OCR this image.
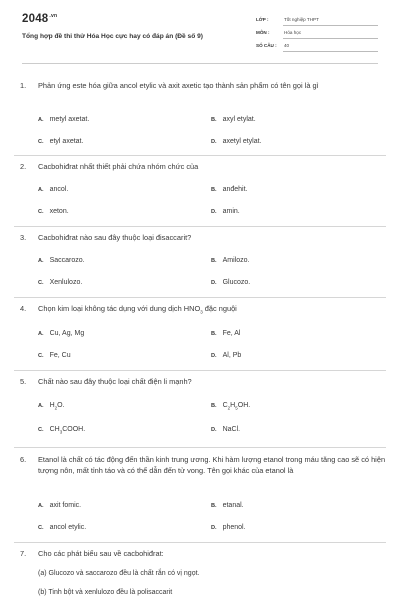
$2048^{.vn}$
Tổng hợp đề thi thử Hóa Học cực hay có đáp án (Đề số 9)
LỚP :	Tốt nghiệp THPT
MÔN :	Hóa học
SỐ CÂU : 40
1.	Phản ứng este hóa giữa ancol etylic và axit axetic tạo thành sản phẩm có tên gọi là gì
A. metyl axetat.	B. axyl etylat.
C. etyl axetat.	D. axetyl etylat.
2.	Cacbohiđrat nhất thiết phải chứa nhóm chức của
A. ancol.	B. anđehit.
C. xeton.	D. amin.
3.	Cacbohiđrat nào sau đây thuộc loại đisaccarit?
A. Saccarozo.	B. Amilozo.
C. Xenlulozo.	D. Glucozo.
4.	Chọn kim loại không tác dụng với dung dịch $HNO_3$ đặc nguội
A. Cu, Ag, Mg	B. Fe, Al
C. Fe, Cu	D. Al, Pb
5.	Chất nào sau đây thuộc loại chất điện li mạnh?
A. $H_2O$.	B. $C_2H_5OH$.
C. $CH_3COOH$.	D. NaCl.
6.	Etanol là chất có tác động đến thần kinh trung ương. Khi hàm lượng etanol trong máu tăng cao sẽ có hiện tượng nôn, mất tỉnh táo và có thể dẫn đến tử vong. Tên gọi khác của etanol là
A. axit fomic.	B. etanal.
C. ancol etylic.	D. phenol.
7.	Cho các phát biểu sau về cacbohiđrat:
(a) Glucozo và saccarozo đều là chất rắn có vị ngọt.
(b) Tinh bột và xenlulozo đều là polisaccarit
